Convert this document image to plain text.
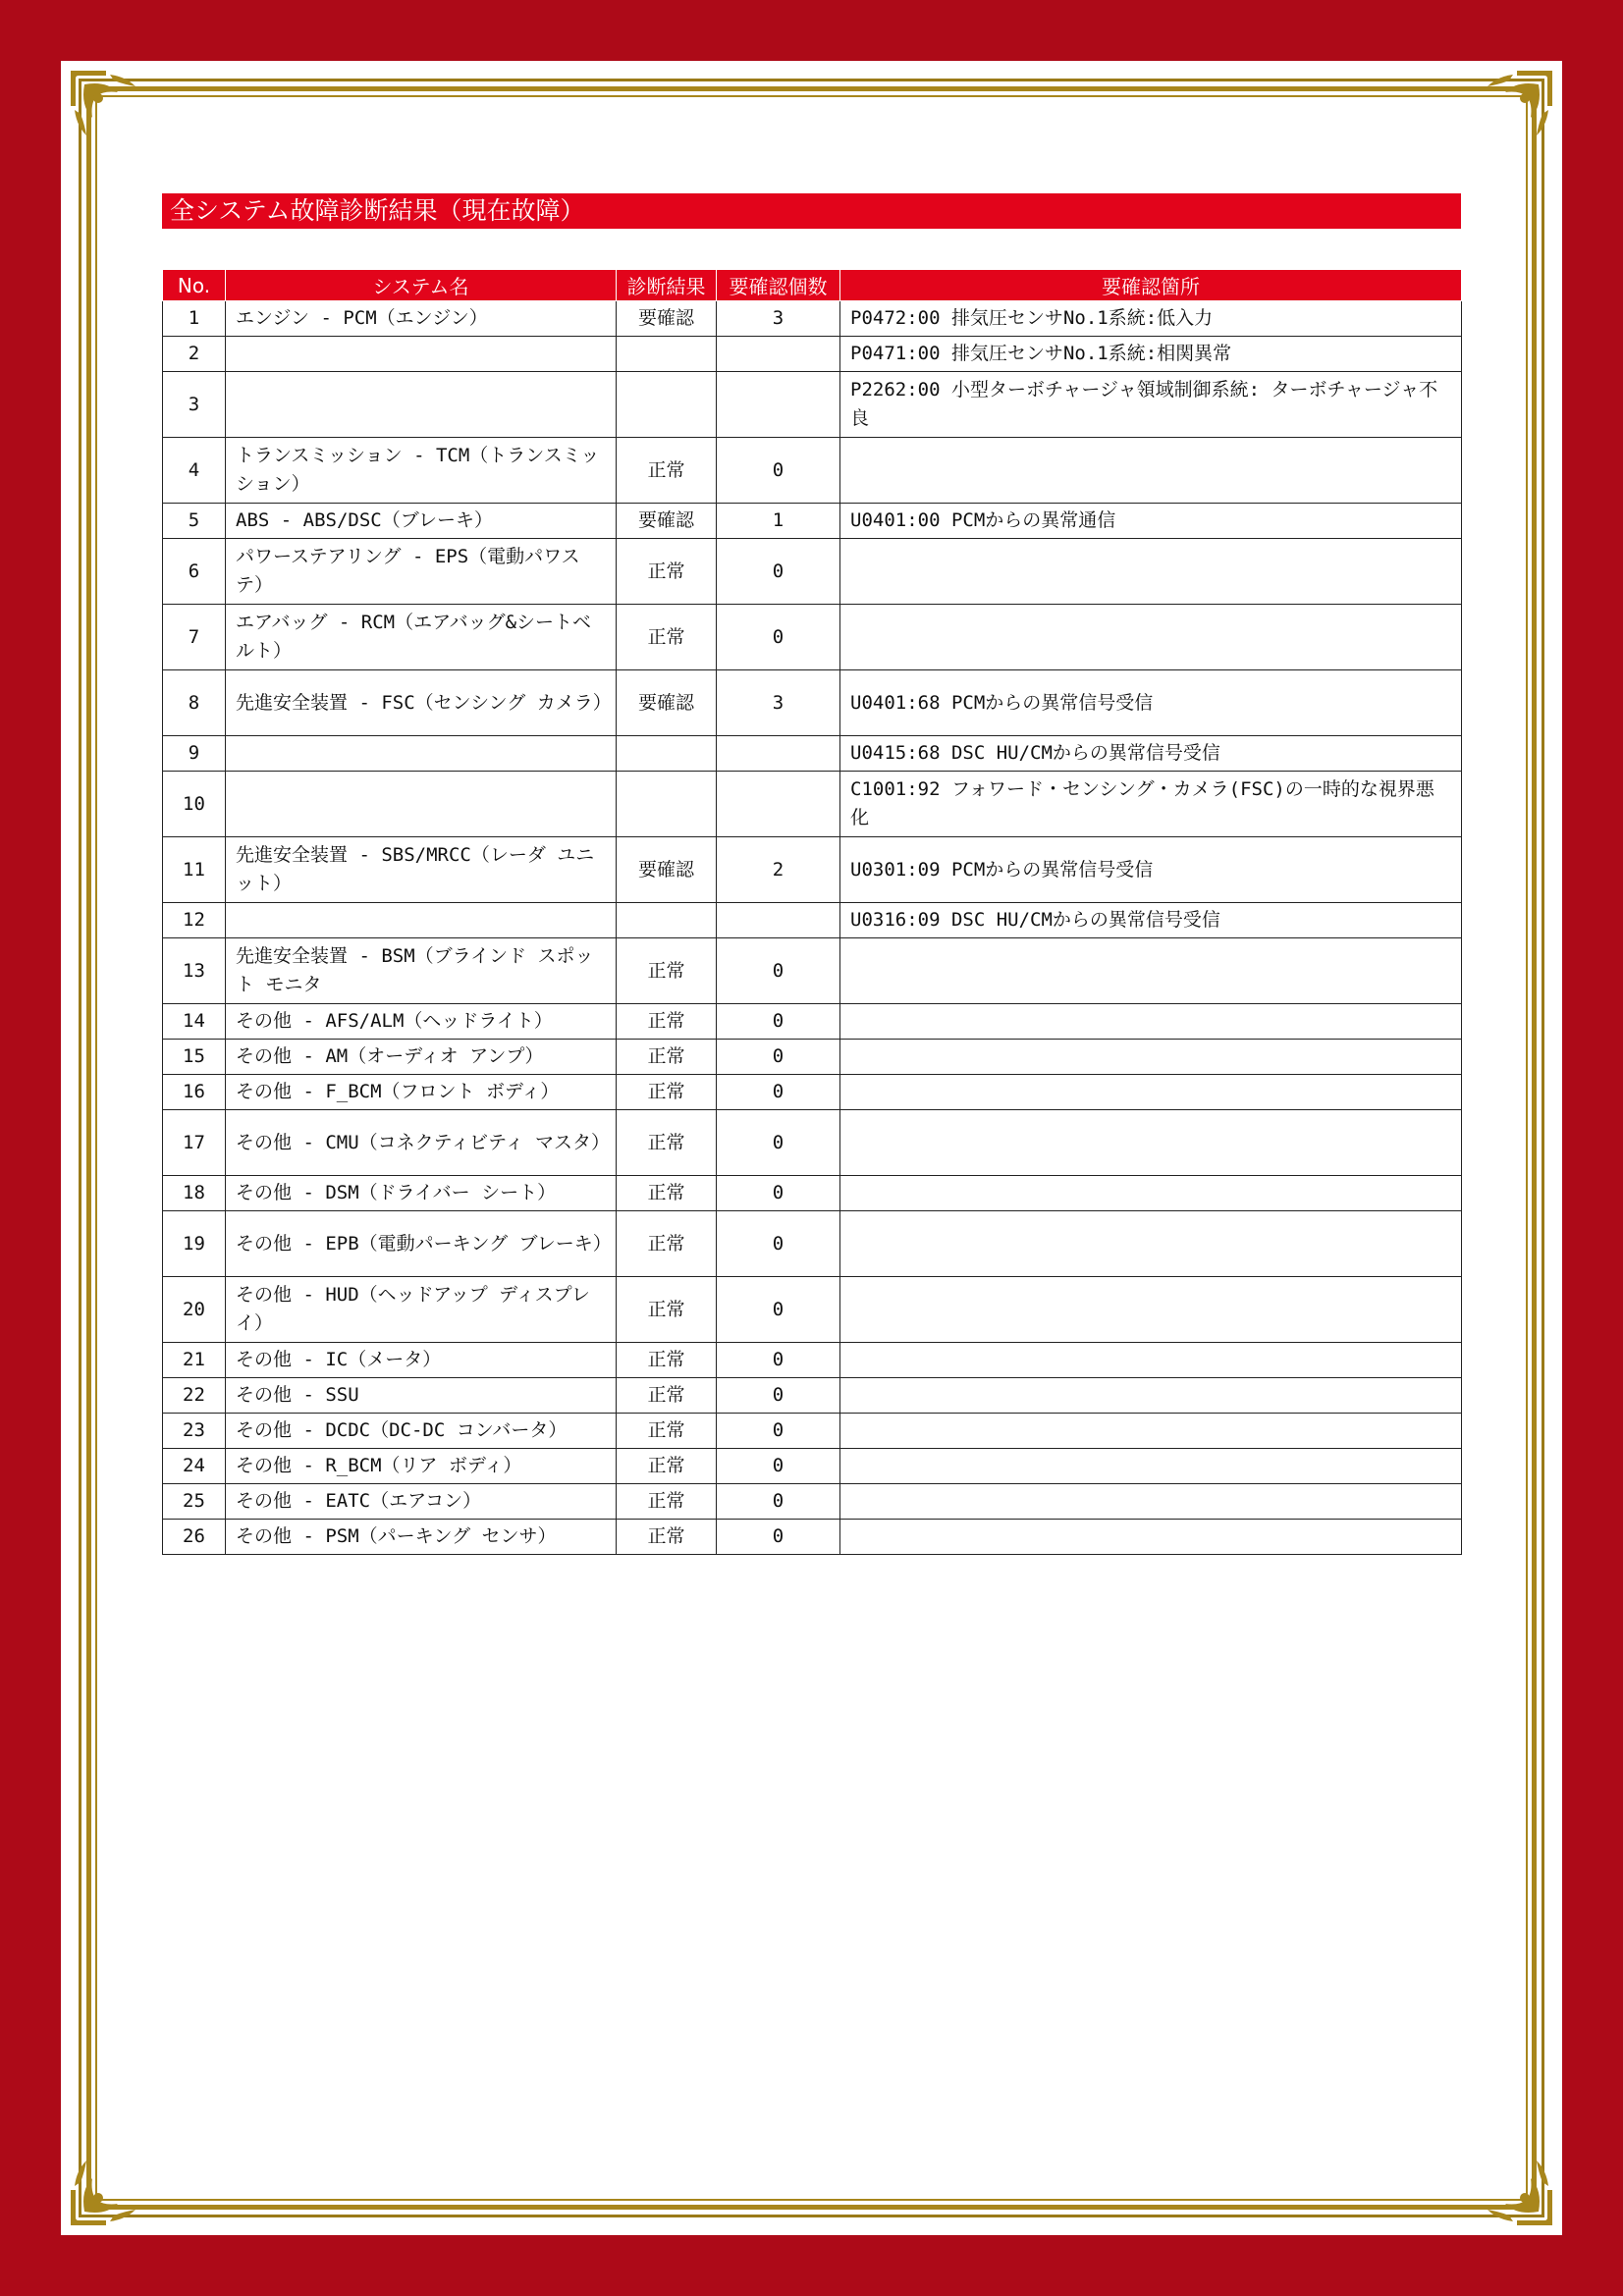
全システム故障診断結果（現在故障）
No.	システム名	診断結果	要確認個数	要確認箇所
1	エンジン - PCM（エンジン）	要確認	3	P0472:00 排気圧センサNo.1系統:低入力
2				P0471:00 排気圧センサNo.1系統:相関異常
3				P2262:00 小型ターボチャージャ領域制御系統: ターボチャージャ不良
4	トランスミッション - TCM（トランスミッション）	正常	0	
5	ABS - ABS/DSC（ブレーキ）	要確認	1	U0401:00 PCMからの異常通信
6	パワーステアリング - EPS（電動パワステ）	正常	0	
7	エアバッグ - RCM（エアバッグ&シートベルト）	正常	0	
8	先進安全装置 - FSC（センシング カメラ）	要確認	3	U0401:68 PCMからの異常信号受信
9				U0415:68 DSC HU/CMからの異常信号受信
10				C1001:92 フォワード・センシング・カメラ(FSC)の一時的な視界悪化
11	先進安全装置 - SBS/MRCC（レーダ ユニット）	要確認	2	U0301:09 PCMからの異常信号受信
12				U0316:09 DSC HU/CMからの異常信号受信
13	先進安全装置 - BSM（ブラインド スポット モニタ	正常	0	
14	その他 - AFS/ALM（ヘッドライト）	正常	0	
15	その他 - AM（オーディオ アンプ）	正常	0	
16	その他 - F_BCM（フロント ボディ）	正常	0	
17	その他 - CMU（コネクティビティ マスタ）	正常	0	
18	その他 - DSM（ドライバー シート）	正常	0	
19	その他 - EPB（電動パーキング ブレーキ）	正常	0	
20	その他 - HUD（ヘッドアップ ディスプレイ）	正常	0	
21	その他 - IC（メータ）	正常	0	
22	その他 - SSU	正常	0	
23	その他 - DCDC（DC-DC コンバータ）	正常	0	
24	その他 - R_BCM（リア ボディ）	正常	0	
25	その他 - EATC（エアコン）	正常	0	
26	その他 - PSM（パーキング センサ）	正常	0	
